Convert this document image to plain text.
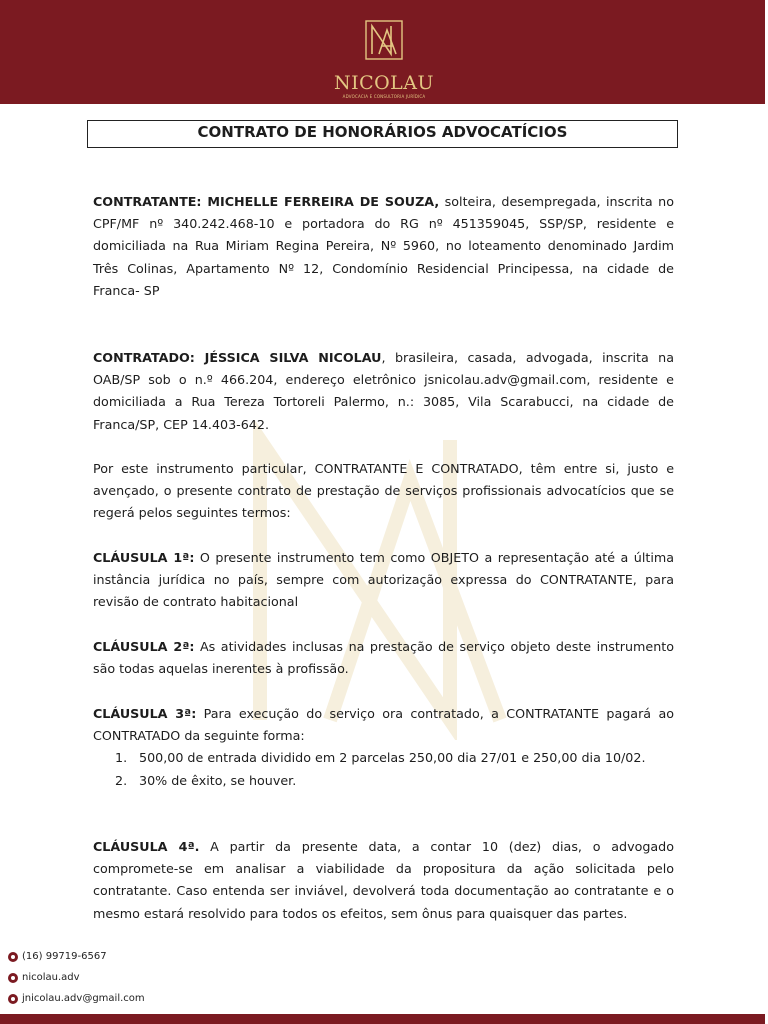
NICOLAU
ADVOCACIA E CONSULTORIA JURÍDICA
CONTRATO DE HONORÁRIOS ADVOCATÍCIOS

CONTRATANTE: MICHELLE FERREIRA DE SOUZA, solteira, desempregada, inscrita no CPF/MF nº 340.242.468-10 e portadora do RG nº 451359045, SSP/SP, residente e domiciliada na Rua Miriam Regina Pereira, Nº 5960, no loteamento denominado Jardim Três Colinas, Apartamento Nº 12, Condomínio Residencial Principessa, na cidade de Franca- SP

CONTRATADO: JÉSSICA SILVA NICOLAU, brasileira, casada, advogada, inscrita na OAB/SP sob o n.º 466.204, endereço eletrônico jsnicolau.adv@gmail.com, residente e domiciliada a Rua Tereza Tortoreli Palermo, n.: 3085, Vila Scarabucci, na cidade de Franca/SP, CEP 14.403-642.

Por este instrumento particular, CONTRATANTE E CONTRATADO, têm entre si, justo e avençado, o presente contrato de prestação de serviços profissionais advocatícios que se regerá pelos seguintes termos:

CLÁUSULA 1ª: O presente instrumento tem como OBJETO a representação até a última instância jurídica no país, sempre com autorização expressa do CONTRATANTE, para revisão de contrato habitacional

CLÁUSULA 2ª: As atividades inclusas na prestação de serviço objeto deste instrumento são todas aquelas inerentes à profissão.

CLÁUSULA 3ª: Para execução do serviço ora contratado, a CONTRATANTE pagará ao CONTRATADO da seguinte forma:

1. 500,00 de entrada dividido em 2 parcelas 250,00 dia 27/01 e 250,00 dia 10/02.
2. 30% de êxito, se houver.

CLÁUSULA 4ª. A partir da presente data, a contar 10 (dez) dias, o advogado compromete-se em analisar a viabilidade da propositura da ação solicitada pelo contratante. Caso entenda ser inviável, devolverá toda documentação ao contratante e o mesmo estará resolvido para todos os efeitos, sem ônus para quaisquer das partes.

(16) 99719-6567
nicolau.adv
jnicolau.adv@gmail.com
